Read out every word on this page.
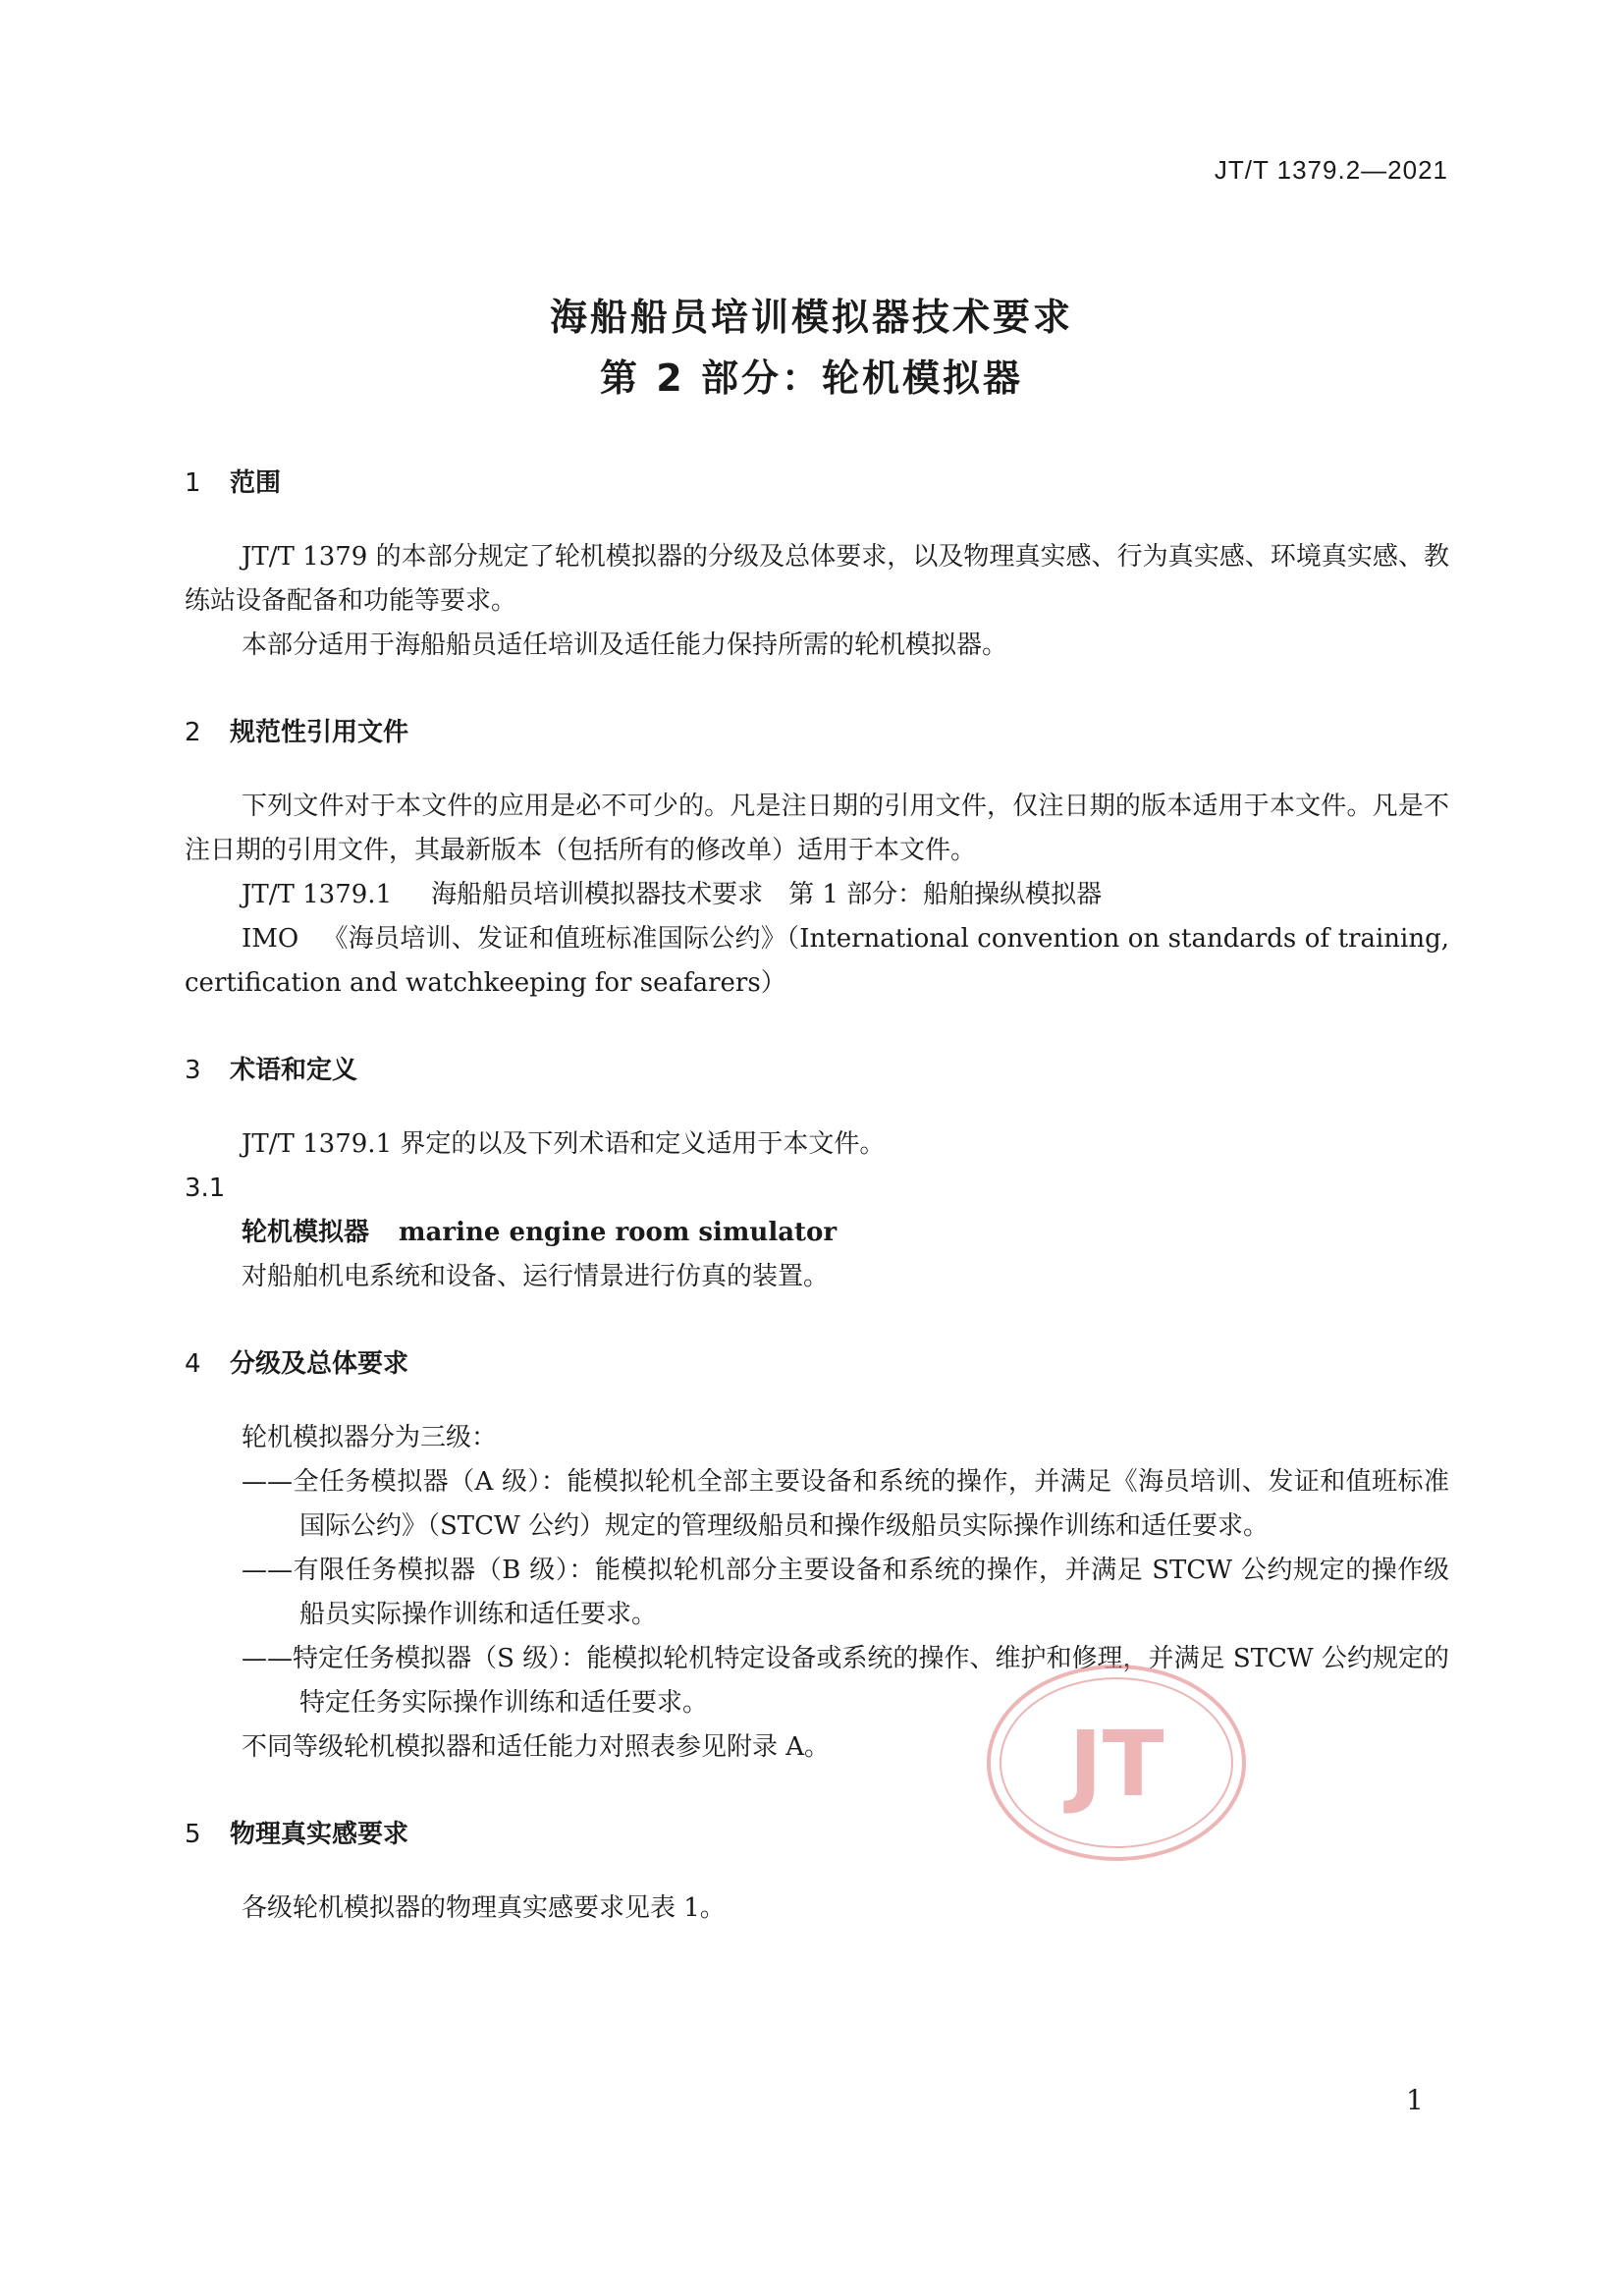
JT/T 1379.2—2021
海船船员培训模拟器技术要求
第 2 部分：轮机模拟器

1 范围

JT/T 1379 的本部分规定了轮机模拟器的分级及总体要求，以及物理真实感、行为真实感、环境真实感、教练站设备配备和功能等要求。

本部分适用于海船船员适任培训及适任能力保持所需的轮机模拟器。

2 规范性引用文件

下列文件对于本文件的应用是必不可少的。凡是注日期的引用文件，仅注日期的版本适用于本文件。凡是不注日期的引用文件，其最新版本（包括所有的修改单）适用于本文件。

JT/T 1379.1 海船船员培训模拟器技术要求　第 1 部分：船舶操纵模拟器

IMO 《海员培训、发证和值班标准国际公约》（International convention on standards of training, certification and watchkeeping for seafarers）

3 术语和定义

JT/T 1379.1 界定的以及下列术语和定义适用于本文件。

3.1

轮机模拟器 marine engine room simulator

对船舶机电系统和设备、运行情景进行仿真的装置。

4 分级及总体要求

轮机模拟器分为三级：

——全任务模拟器（A 级）：能模拟轮机全部主要设备和系统的操作，并满足《海员培训、发证和值班标准国际公约》（STCW 公约）规定的管理级船员和操作级船员实际操作训练和适任要求。

——有限任务模拟器（B 级）：能模拟轮机部分主要设备和系统的操作，并满足 STCW 公约规定的操作级船员实际操作训练和适任要求。

——特定任务模拟器（S 级）：能模拟轮机特定设备或系统的操作、维护和修理，并满足 STCW 公约规定的特定任务实际操作训练和适任要求。

不同等级轮机模拟器和适任能力对照表参见附录 A。

5 物理真实感要求

各级轮机模拟器的物理真实感要求见表 1。

JT
1
